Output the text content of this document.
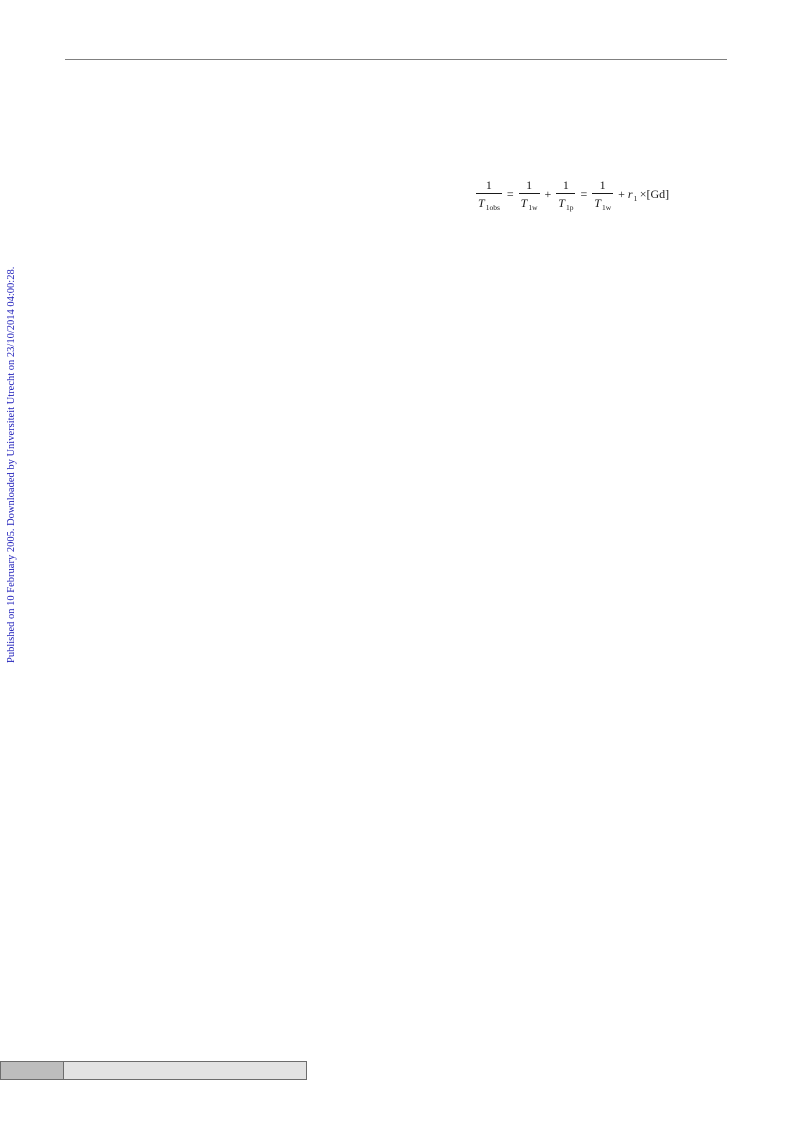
Published on 10 February 2005. Downloaded by Universiteit Utrecht on 23/10/2014 04:00:28.
$\frac{1}{T_{1obs}} = \frac{1}{T_{1w}} + \frac{1}{T_{1p}} = \frac{1}{T_{1w}} + r_1 \times[Gd]$
